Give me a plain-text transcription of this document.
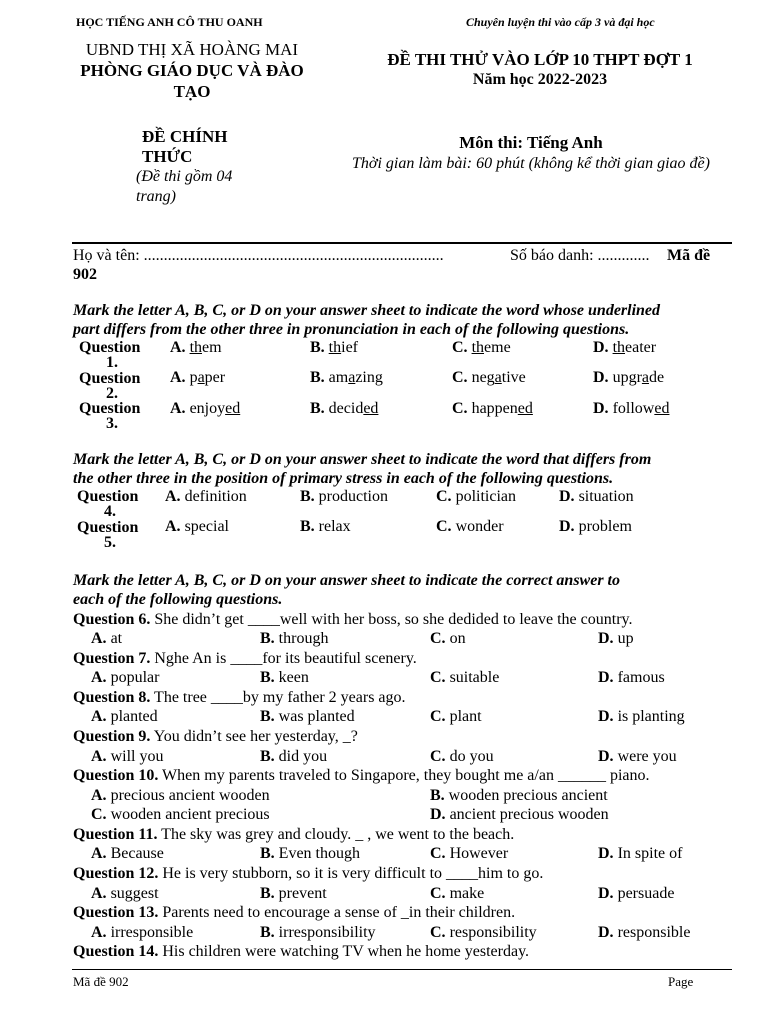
HỌC TIẾNG ANH CÔ THU OANH	Chuyên luyện thi vào cấp 3 và đại học
UBND THỊ XÃ HOÀNG MAI
PHÒNG GIÁO DỤC VÀ ĐÀO
TẠO
ĐỀ THI THỬ VÀO LỚP 10 THPT ĐỢT 1
Năm học 2022-2023
ĐỀ CHÍNH
THỨC
(Đề thi gồm 04
trang)
Môn thi: Tiếng Anh
Thời gian làm bài: 60 phút (không kể thời gian giao đề)
Họ và tên: ...........................................................................	Số báo danh: ............. Mã đề
902
Mark the letter A, B, C, or D on your answer sheet to indicate the word whose underlined
part differs from the other three in pronunciation in each of the following questions.
Question
1.
A. them	B. thief	C. theme	D. theater
Question
2.
A. paper	B. amazing	C. negative	D. upgrade
Question
3.
A. enjoyed	B. decided	C. happened	D. followed
Mark the letter A, B, C, or D on your answer sheet to indicate the word that differs from
the other three in the position of primary stress in each of the following questions.
Question
4.
A. definition	B. production	C. politician	D. situation
Question
5.
A. special	B. relax	C. wonder	D. problem
Mark the letter A, B, C, or D on your answer sheet to indicate the correct answer to
each of the following questions.
Question 6. She didn’t get ____well with her boss, so she dedided to leave the country.
A. at	B. through	C. on	D. up
Question 7. Nghe An is ____for its beautiful scenery.
A. popular	B. keen	C. suitable	D. famous
Question 8. The tree ____by my father 2 years ago.
A. planted	B. was planted	C. plant	D. is planting
Question 9. You didn’t see her yesterday, _?
A. will you	B. did you	C. do you	D. were you
Question 10. When my parents traveled to Singapore, they bought me a/an ______ piano.
A. precious ancient wooden	B. wooden precious ancient
C. wooden ancient precious	D. ancient precious wooden
Question 11. The sky was grey and cloudy. _ , we went to the beach.
A. Because	B. Even though	C. However	D. In spite of
Question 12. He is very stubborn, so it is very difficult to ____him to go.
A. suggest	B. prevent	C. make	D. persuade
Question 13. Parents need to encourage a sense of _in their children.
A. irresponsible	B. irresponsibility	C. responsibility	D. responsible
Question 14. His children were watching TV when he home yesterday.
Mã đề 902	Page
